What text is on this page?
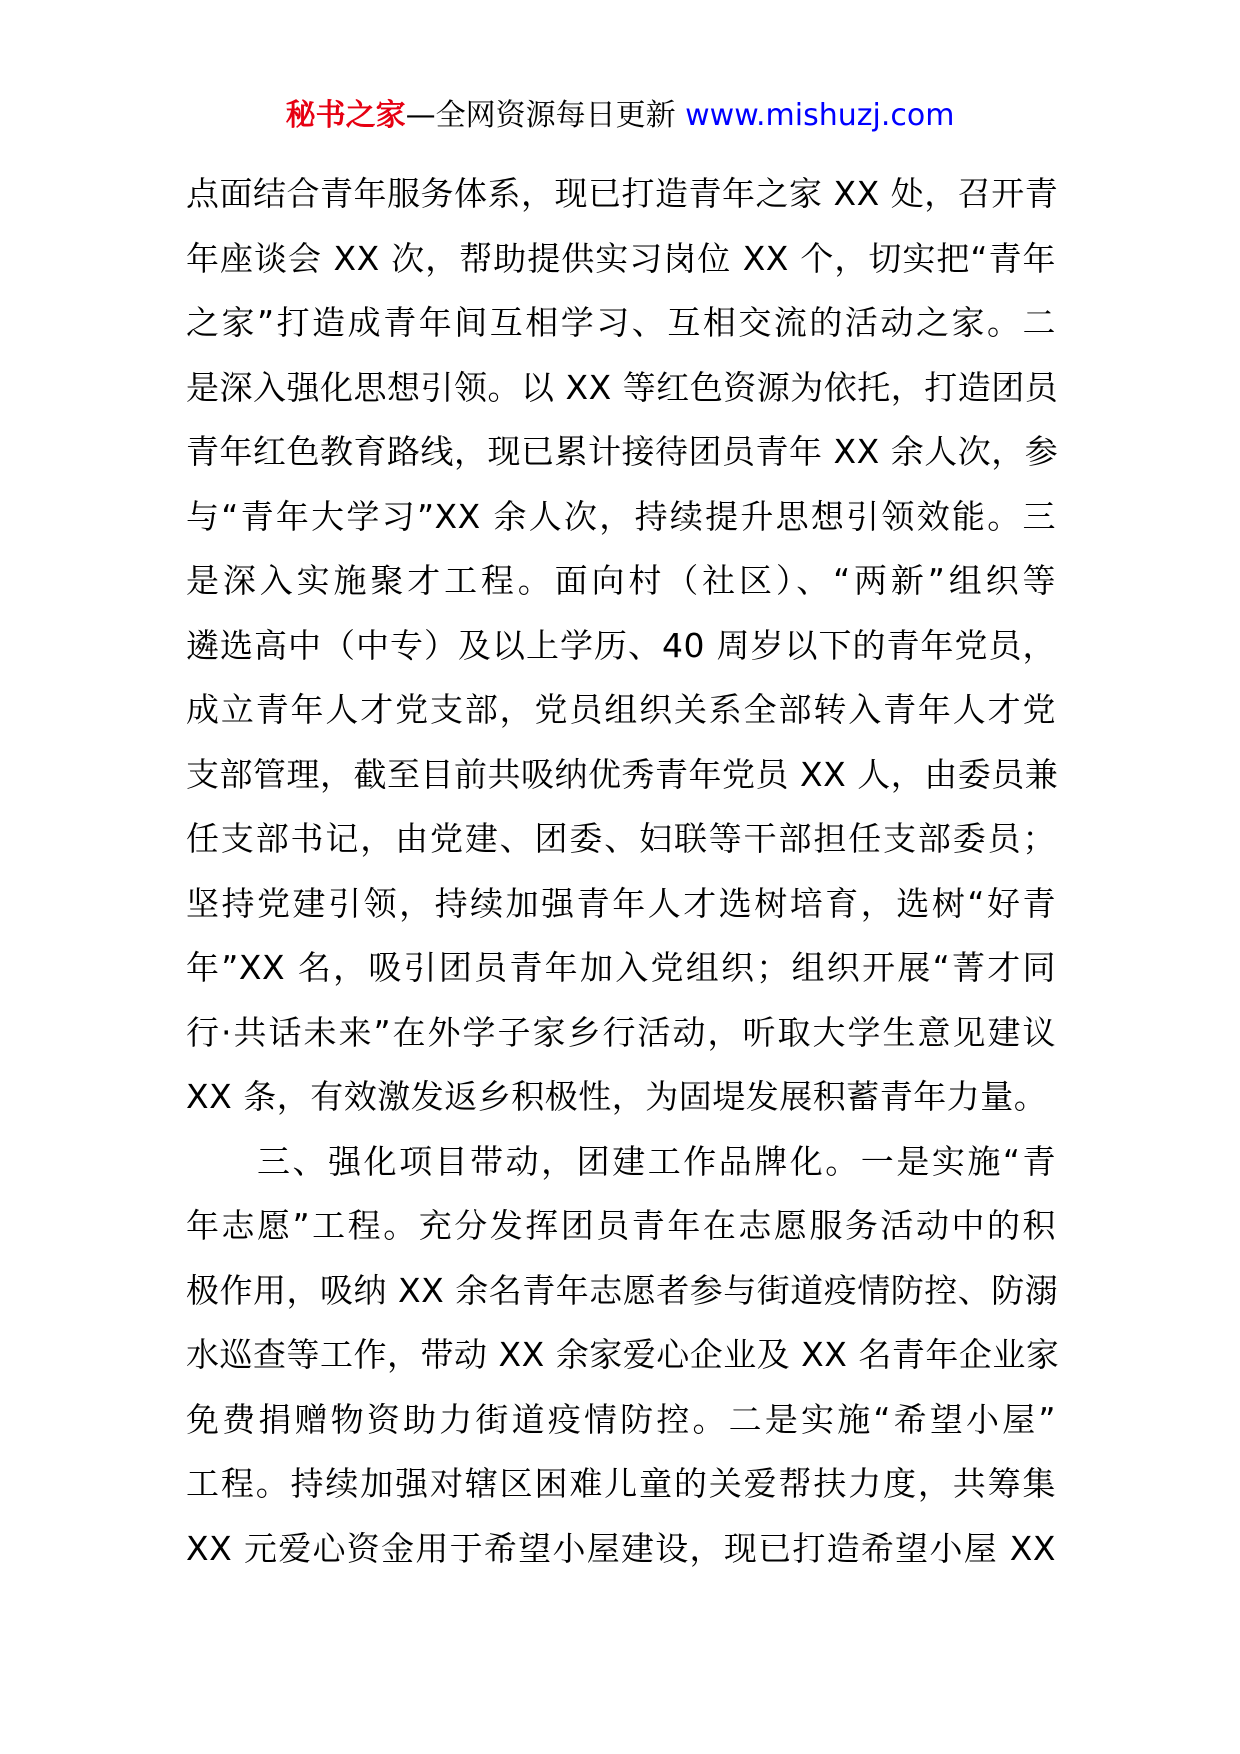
秘书之家—全网资源每日更新 www.mishuzj.com
点面结合青年服务体系，现已打造青年之家 XX 处，召开青
年座谈会 XX 次，帮助提供实习岗位 XX 个，切实把“青年
之家”打造成青年间互相学习、互相交流的活动之家。二
是深入强化思想引领。以 XX 等红色资源为依托，打造团员
青年红色教育路线，现已累计接待团员青年 XX 余人次，参
与“青年大学习”XX 余人次，持续提升思想引领效能。三
是深入实施聚才工程。面向村（社区）、“两新”组织等
遴选高中（中专）及以上学历、40 周岁以下的青年党员，
成立青年人才党支部，党员组织关系全部转入青年人才党
支部管理，截至目前共吸纳优秀青年党员 XX 人，由委员兼
任支部书记，由党建、团委、妇联等干部担任支部委员；
坚持党建引领，持续加强青年人才选树培育，选树“好青
年”XX 名，吸引团员青年加入党组织；组织开展“菁才同
行·共话未来”在外学子家乡行活动，听取大学生意见建议
XX 条，有效激发返乡积极性，为固堤发展积蓄青年力量。
　　三、强化项目带动，团建工作品牌化。一是实施“青
年志愿”工程。充分发挥团员青年在志愿服务活动中的积
极作用，吸纳 XX 余名青年志愿者参与街道疫情防控、防溺
水巡查等工作，带动 XX 余家爱心企业及 XX 名青年企业家
免费捐赠物资助力街道疫情防控。二是实施“希望小屋”
工程。持续加强对辖区困难儿童的关爱帮扶力度，共筹集
XX 元爱心资金用于希望小屋建设，现已打造希望小屋 XX
